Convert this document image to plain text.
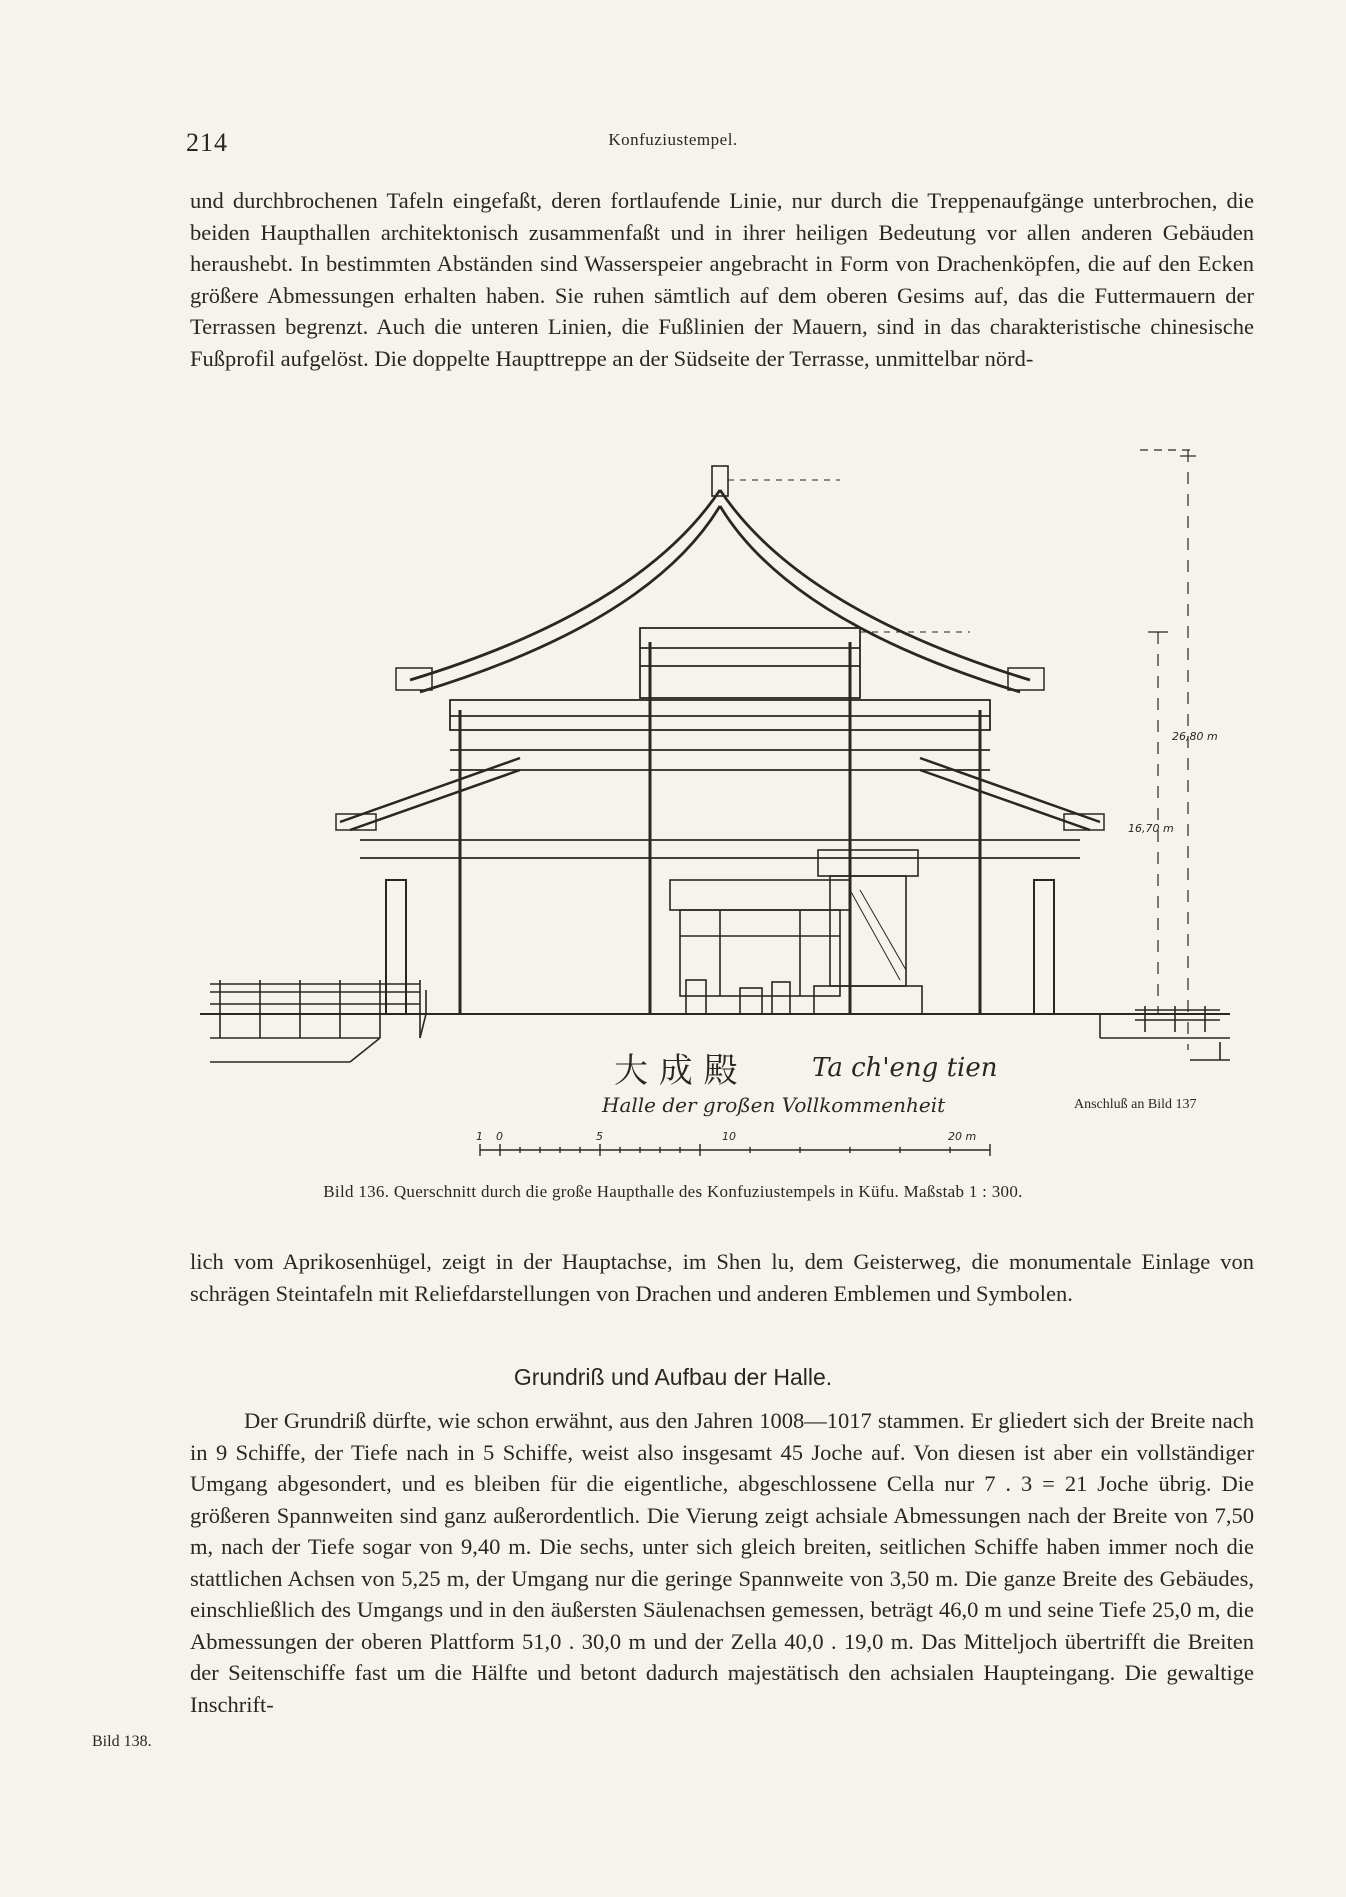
214	Konfuziustempel.

und durchbrochenen Tafeln eingefaßt, deren fortlaufende Linie, nur durch die Treppenaufgänge unterbrochen, die beiden Haupthallen architektonisch zusammenfaßt und in ihrer heiligen Bedeutung vor allen anderen Gebäuden heraushebt. In bestimmten Abständen sind Wasserspeier angebracht in Form von Drachenköpfen, die auf den Ecken größere Abmessungen erhalten haben. Sie ruhen sämtlich auf dem oberen Gesims auf, das die Futtermauern der Terrassen begrenzt. Auch die unteren Linien, die Fußlinien der Mauern, sind in das charakteristische chinesische Fußprofil aufgelöst. Die doppelte Haupttreppe an der Südseite der Terrasse, unmittelbar nörd-

26,80 m
16,70 m
大 成 殿	Ta ch'eng tien
Halle der großen Vollkommenheit	Anschluß an Bild 137
1 0	5	10	20 m
Bild 136. Querschnitt durch die große Haupthalle des Konfuziustempels in Küfu. Maßstab 1 : 300.

lich vom Aprikosenhügel, zeigt in der Hauptachse, im Shen lu, dem Geisterweg, die monumentale Einlage von schrägen Steintafeln mit Reliefdarstellungen von Drachen und anderen Emblemen und Symbolen.

Grundriß und Aufbau der Halle.

Der Grundriß dürfte, wie schon erwähnt, aus den Jahren 1008—1017 stammen. Er gliedert sich der Breite nach in 9 Schiffe, der Tiefe nach in 5 Schiffe, weist also insgesamt 45 Joche auf. Von diesen ist aber ein vollständiger Umgang abgesondert, und es bleiben für die eigentliche, abgeschlossene Cella nur 7 . 3 = 21 Joche übrig. Die größeren Spannweiten sind ganz außerordentlich. Die Vierung zeigt achsiale Abmessungen nach der Breite von 7,50 m, nach der Tiefe sogar von 9,40 m. Die sechs, unter sich gleich breiten, seitlichen Schiffe haben immer noch die stattlichen Achsen von 5,25 m, der Umgang nur die geringe Spannweite von 3,50 m. Die ganze Breite des Gebäudes, einschließlich des Umgangs und in den äußersten Säulenachsen gemessen, beträgt 46,0 m und seine Tiefe 25,0 m, die Abmessungen der oberen Plattform 51,0 . 30,0 m und der Zella 40,0 . 19,0 m. Das Mitteljoch übertrifft die Breiten der Seitenschiffe fast um die Hälfte und betont dadurch majestätisch den achsialen Haupteingang. Die gewaltige Inschrift-

Bild 138.
